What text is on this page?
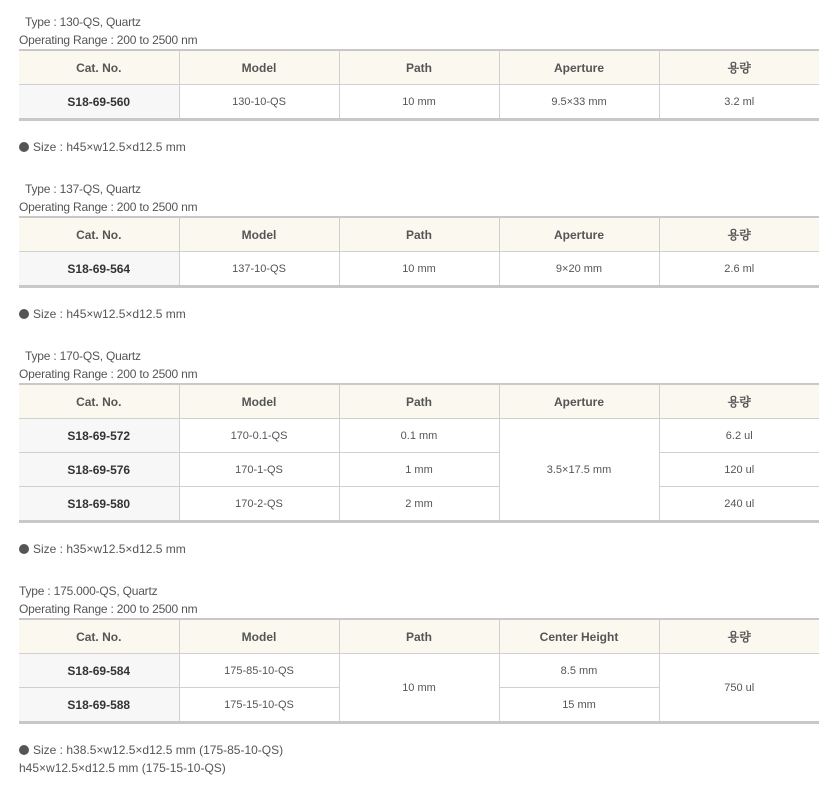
Type : 130-QS, Quartz
Operating Range : 200 to 2500 nm
Cat. No.	Model	Path	Aperture	용량
S18-69-560	130-10-QS	10 mm	9.5×33 mm	3.2 ml
Size : h45×w12.5×d12.5 mm
Type : 137-QS, Quartz
Operating Range : 200 to 2500 nm
Cat. No.	Model	Path	Aperture	용량
S18-69-564	137-10-QS	10 mm	9×20 mm	2.6 ml
Size : h45×w12.5×d12.5 mm
Type : 170-QS, Quartz
Operating Range : 200 to 2500 nm
Cat. No.	Model	Path	Aperture	용량
S18-69-572	170-0.1-QS	0.1 mm	3.5×17.5 mm	6.2 ul
S18-69-576	170-1-QS	1 mm		120 ul
S18-69-580	170-2-QS	2 mm		240 ul
Size : h35×w12.5×d12.5 mm
Type : 175.000-QS, Quartz
Operating Range : 200 to 2500 nm
Cat. No.	Model	Path	Center Height	용량
S18-69-584	175-85-10-QS	10 mm	8.5 mm	750 ul
S18-69-588	175-15-10-QS		15 mm	
Size : h38.5×w12.5×d12.5 mm (175-85-10-QS)
h45×w12.5×d12.5 mm (175-15-10-QS)
